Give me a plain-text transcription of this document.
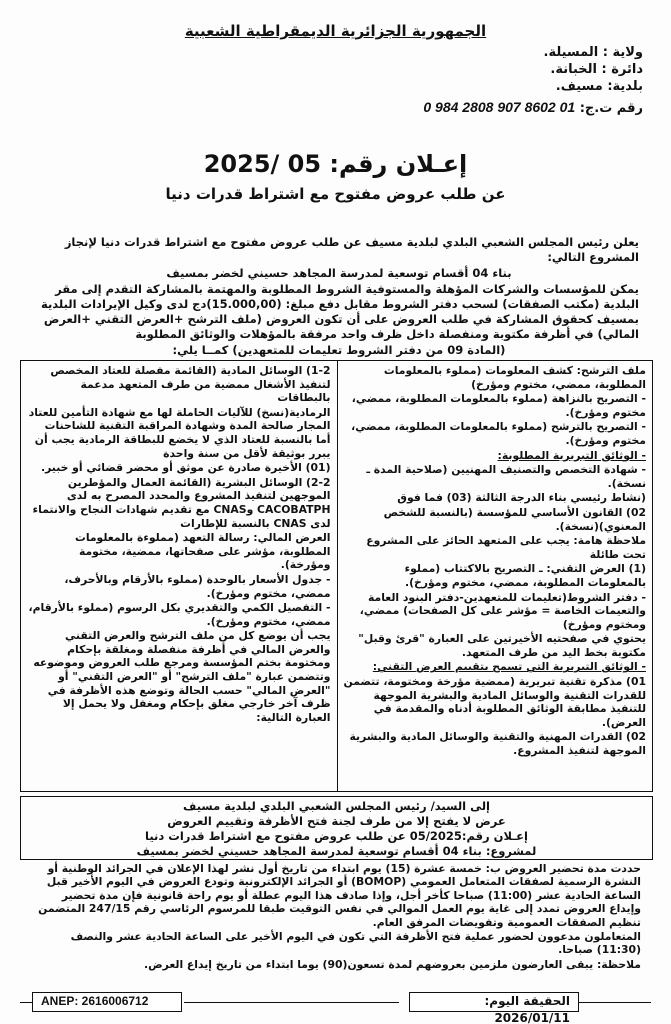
الجمهورية الجزائرية الديمقراطية الشعبية
ولاية : المسيلة.
دائرة : الخبانة.
بلدية: مسيف.
رقم ت.ج: 0 984 2808 907 8602 01
إعـلان رقم: 05 /2025
عن طلب عروض مفتوح مع اشتراط قدرات دنيا

يعلن رئيس المجلس الشعبي البلدي لبلدية مسيف عن طلب عروض مفتوح مع اشتراط قدرات دنيا لإنجاز المشروع التالي:

بناء 04 أقسام توسعية لمدرسة المجاهد حسيني لخضر بمسيف

يمكن للمؤسسات والشركات المؤهلة والمستوفية الشروط المطلوبة والمهتمة بالمشاركة التقدم إلى مقر البلدية (مكتب الصفقات) لسحب دفتر الشروط مقابل دفع مبلغ: (15.000,00)دج لدى وكيل الإيرادات البلدية بمسيف كحقوق المشاركة في طلب العروض على أن تكون العروض (ملف الترشح +العرض التقني +العرض المالي) في أظرفة مكتوبة ومنفصلة داخل ظرف واحد مرفقة بالمؤهلات والوثائق المطلوبة

(المادة 09 من دفتر الشروط تعليمات للمتعهدين) كمــا يلي:

ملف الترشح: كشف المعلومات (مملوء بالمعلومات المطلوبة، ممضي، مختوم ومؤرخ)

- التصريح بالنزاهة (مملوء بالمعلومات المطلوبة، ممضي، مختوم ومؤرخ).

- التصريح بالترشح (مملوء بالمعلومات المطلوبة، ممضي، مختوم ومؤرخ).

- الوثائق التبريرية المطلوبة:

- شهادة التخصص والتصنيف المهنيين (صلاحية المدة ـ نسخة).

(نشاط رئيسي بناء الدرجة الثالثة (03) فما فوق

02) القانون الأساسي للمؤسسة (بالنسبة للشخص المعنوي)(نسخة).

ملاحظة هامة: يجب على المتعهد الحائز على المشروع تحت طائلة

(1) العرض التقني: ـ التصريح بالاكتتاب (مملوء بالمعلومات المطلوبة، ممضي، مختوم ومؤرخ).

- دفتر الشروط(تعليمات للمتعهدين-دفتر البنود العامة والتعيمات الخاصة = مؤشر على كل الصفحات) ممضي، ومختوم ومؤرخ)

يحتوي في صفحتيه الأخيرتين على العبارة "قرئ وقبل" مكتوبة بخط اليد من طرف المتعهد.

- الوثائق التبريرية التي تسمح بتقييم العرض التقني:

01) مذكرة تقنية تبريرية (ممضية مؤرخة ومختومة، تتضمن للقدرات التقنية والوسائل المادية والبشرية الموجهة للتنفيذ مطابقة الوثائق المطلوبة أدناه والمقدمة في العرض).

02) القدرات المهنية والتقنية والوسائل المادية والبشرية الموجهة لتنفيذ المشروع.

1-2) الوسائل المادية (القائمة مفصلة للعتاد المخصص لتنفيذ الأشغال ممضية من طرف المتعهد مدعمة بالبطاقات

الرمادية(نسخ) للآليات الحاملة لها مع شهادة التأمين للعتاد المجار صالحة المدة وشهادة المراقبة التقنية للشاحنات أما بالنسبة للعتاد الذي لا يخضع للبطاقة الرمادية يجب أن يبرر بوثيقة لأقل من سنة واحدة

(01) الأخيرة صادرة عن موثق أو محضر قضائي أو خبير.

2-2) الوسائل البشرية (القائمة العمال والمؤطرين الموجهين لتنفيذ المشروع والمحدد المصرح به لدى CACOBATPH وCNAS مع تقديم شهادات النجاح والانتماء لدى CNAS بالنسبة للإطارات

العرض المالي: رسالة التعهد (مملوءة بالمعلومات المطلوبة، مؤشر على صفحاتها، ممضية، مختومة ومؤرخة).

- جدول الأسعار بالوحدة (مملوء بالأرقام وبالأحرف، ممضي، مختوم ومؤرخ).

- التفصيل الكمي والتقديري بكل الرسوم (مملوء بالأرقام، ممضي، مختوم ومؤرخ).

يجب أن يوضع كل من ملف الترشح والعرض التقني والعرض المالي في أظرفة منفصلة ومغلقة بإحكام ومختومة بختم المؤسسة ومرجع طلب العروض وموضوعه وتتضمن عبارة "ملف الترشح" أو "العرض التقني" أو "العرض المالي" حسب الحالة وتوضع هذه الأظرفة في ظرف آخر خارجي مغلق بإحكام ومغفل ولا يحمل إلا العبارة التالية:

إلى السيد/ رئيس المجلس الشعبي البلدي لبلدية مسيف
عرض لا يفتح إلا من طرف لجنة فتح الأظرفة وتقييم العروض
إعـلان رقم:05/2025 عن طلب عروض مفتوح مع اشتراط قدرات دنيا
لمشروع: بناء 04 أقسام توسعية لمدرسة المجاهد حسيني لخضر بمسيف

حددت مدة تحضير العروض ب: خمسة عشرة (15) يوم ابتداء من تاريخ أول نشر لهذا الإعلان في الجرائد الوطنية أو النشرة الرسمية لصفقات المتعامل العمومي (BOMOP) أو الجرائد الإلكترونية وتودع العروض في اليوم الأخير قبل الساعة الحادية عشر (11:00) صباحا كأخر أجل، وإذا صادف هذا اليوم عطلة أو يوم راحة قانونية فإن مدة تحضير وإيداع العروض تمدد إلى غاية يوم العمل الموالي في نفس التوقيت طبقا للمرسوم الرئاسي رقم 247/15 المتضمن تنظيم الصفقات العمومية وتفويضات المرفق العام.

المتعاملون مدعوون لحضور عملية فتح الأظرفة التي تكون في اليوم الأخير على الساعة الحادية عشر والنصف (11:30) صباحا.

ملاحظة: يبقى العارضون ملزمين بعروضهم لمدة تسعون(90) يوما ابتداء من تاريخ إيداع العرض.

الحقيقة اليوم: 2026/01/11
ANEP: 2616006712
